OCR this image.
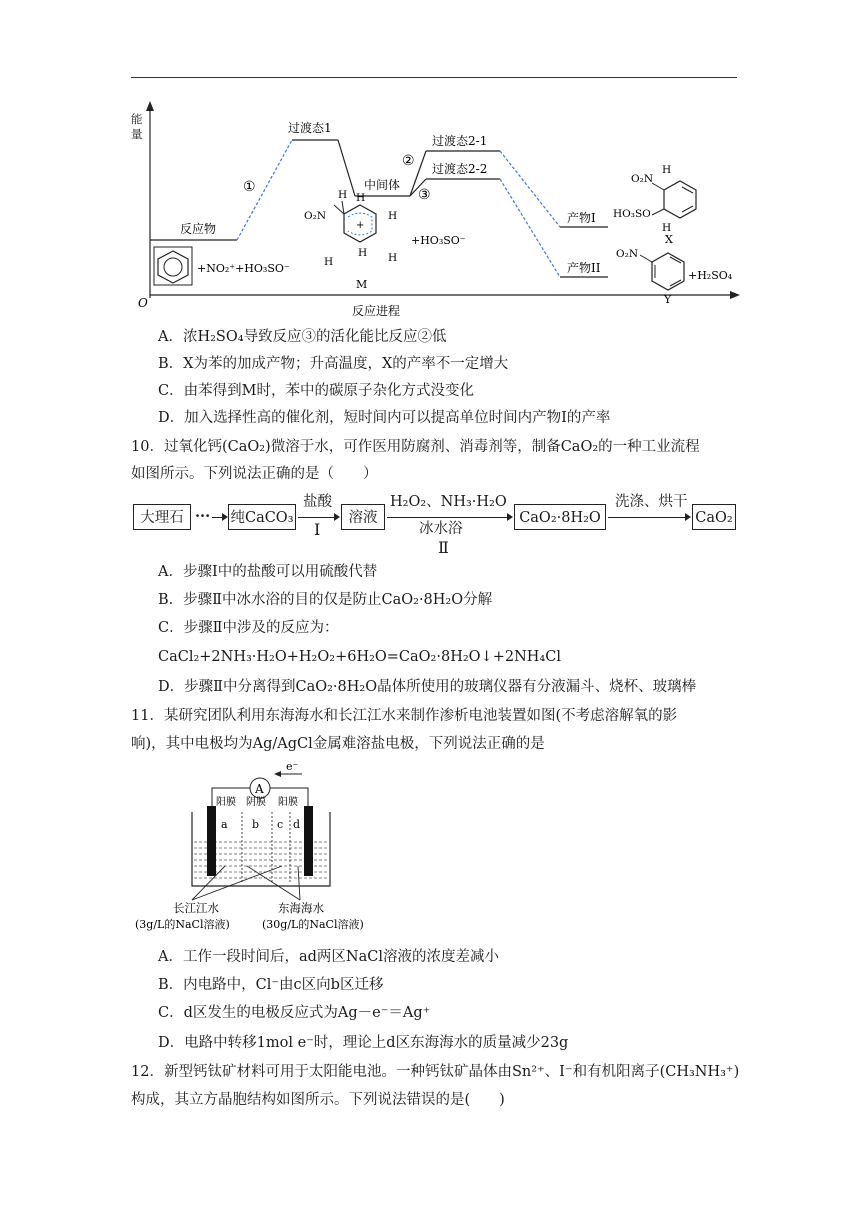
O
反应进程
反应物
过渡态1
中间体
过渡态2-1
过渡态2-2
产物I
产物II
①
②
③
+NO₂⁺+HO₃SO⁻
+
O₂N
H H
H
H
H
H
M
+HO₃SO⁻
O₂N
HO₃SO
H
H
X
O₂N
Y
+H₂SO₄
能量
A．浓H₂SO₄导致反应③的活化能比反应②低
B．X为苯的加成产物；升高温度，X的产率不一定增大
C．由苯得到M时，苯中的碳原子杂化方式没变化
D．加入选择性高的催化剂，短时间内可以提高单位时间内产物I的产率
10．过氧化钙(CaO₂)微溶于水，可作医用防腐剂、消毒剂等，制备CaO₂的一种工业流程
如图所示。下列说法正确的是（　　）
大理石 ··· 纯CaCO₃
盐酸
I
溶液
H₂O₂、NH₃·H₂O
冰水浴
Ⅱ
CaO₂·8H₂O
洗涤、烘干
CaO₂
A．步骤I中的盐酸可以用硫酸代替
B．步骤Ⅱ中冰水浴的目的仅是防止CaO₂·8H₂O分解
C．步骤Ⅱ中涉及的反应为：
CaCl₂+2NH₃·H₂O+H₂O₂+6H₂O=CaO₂·8H₂O↓+2NH₄Cl
D．步骤Ⅱ中分离得到CaO₂·8H₂O晶体所使用的玻璃仪器有分液漏斗、烧杯、玻璃棒
11．某研究团队利用东海海水和长江江水来制作渗析电池装置如图(不考虑溶解氧的影
响)，其中电极均为Ag/AgCl金属难溶盐电极，下列说法正确的是
A
e⁻
阳膜 阴膜 阳膜
a b c d
长江江水
(3g/L的NaCl溶液)
东海海水
(30g/L的NaCl溶液)
A．工作一段时间后，ad两区NaCl溶液的浓度差减小
B．内电路中，Cl⁻由c区向b区迁移
C．d区发生的电极反应式为Ag－e⁻＝Ag⁺
D．电路中转移1mol e⁻时，理论上d区东海海水的质量减少23g
12．新型钙钛矿材料可用于太阳能电池。一种钙钛矿晶体由Sn²⁺、I⁻和有机阳离子(CH₃NH₃⁺)
构成，其立方晶胞结构如图所示。下列说法错误的是(　　)
